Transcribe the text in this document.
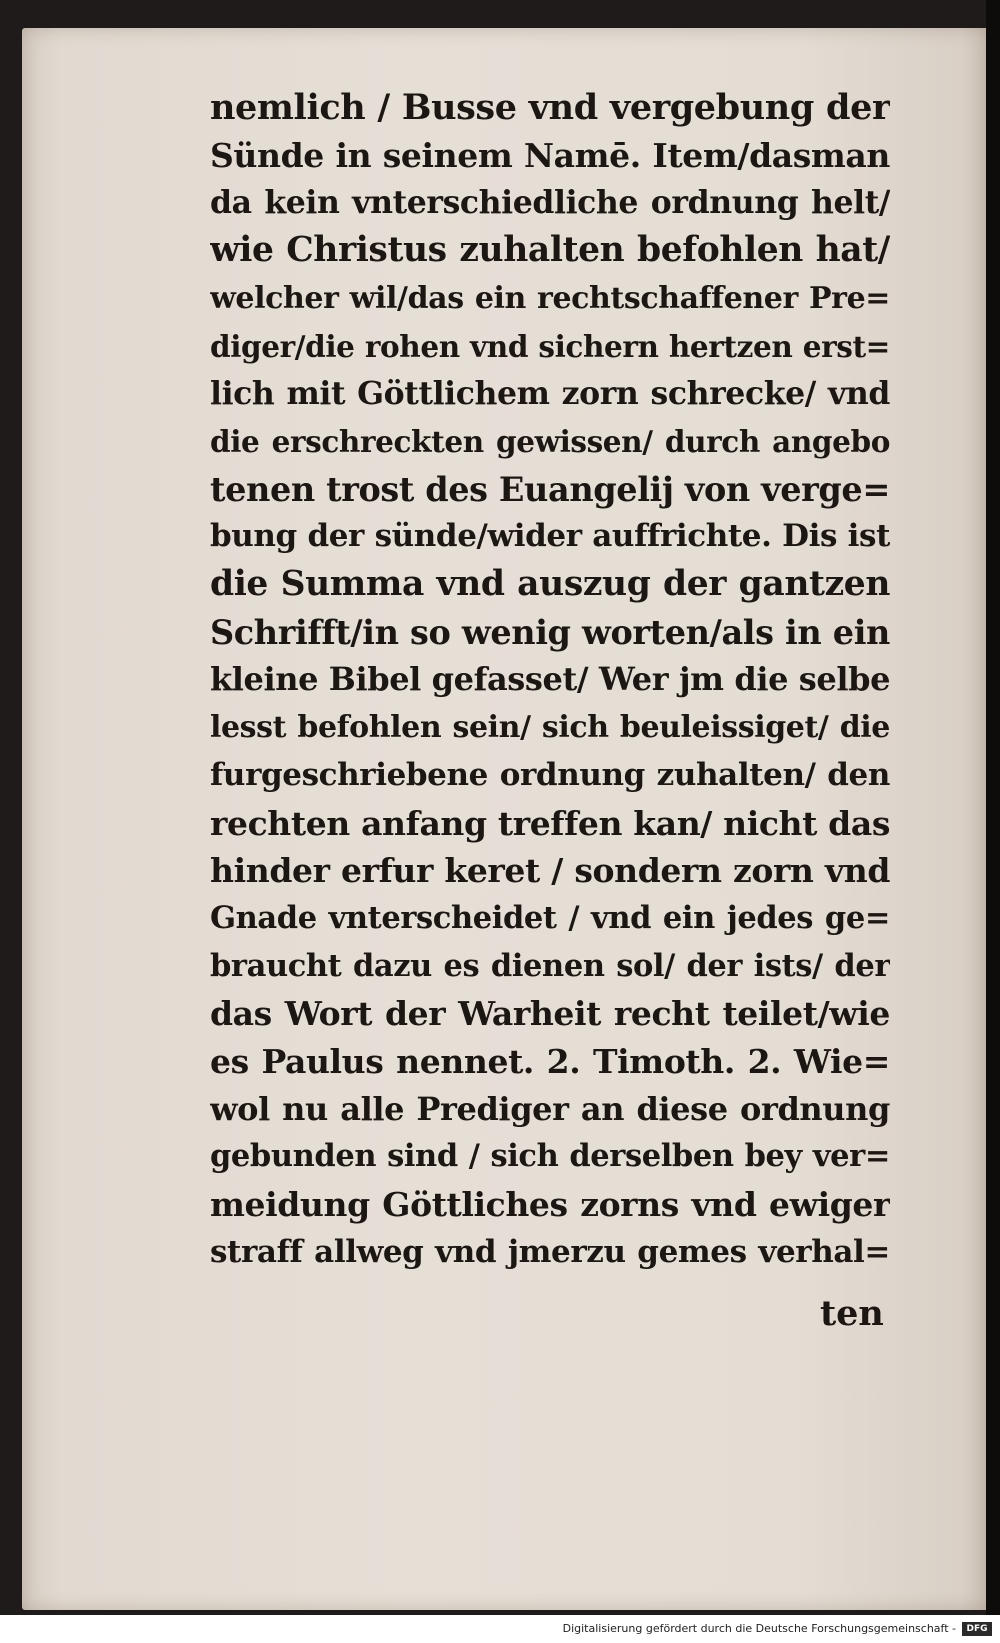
nemlich / Busse vnd vergebung der
Sünde in seinem Namē. Item/dasman
da kein vnterschiedliche ordnung helt/
wie Christus zuhalten befohlen hat/
welcher wil/das ein rechtschaffener Pre=
diger/die rohen vnd sichern hertzen erst=
lich mit Göttlichem zorn schrecke/ vnd
die erschreckten gewissen/ durch angebo
tenen trost des Euangelij von verge=
bung der sünde/wider auffrichte. Dis ist
die Summa vnd auszug der gantzen
Schrifft/in so wenig worten/als in ein
kleine Bibel gefasset/ Wer jm die selbe
lesst befohlen sein/ sich beuleissiget/ die
furgeschriebene ordnung zuhalten/ den
rechten anfang treffen kan/ nicht das
hinder erfur keret / sondern zorn vnd
Gnade vnterscheidet / vnd ein jedes ge=
braucht dazu es dienen sol/ der ists/ der
das Wort der Warheit recht teilet/wie
es Paulus nennet. 2. Timoth. 2. Wie=
wol nu alle Prediger an diese ordnung
gebunden sind / sich derselben bey ver=
meidung Göttliches zorns vnd ewiger
straff allweg vnd jmerzu gemes verhal=
ten
Digitalisierung gefördert durch die Deutsche Forschungsgemeinschaft -	DFG
